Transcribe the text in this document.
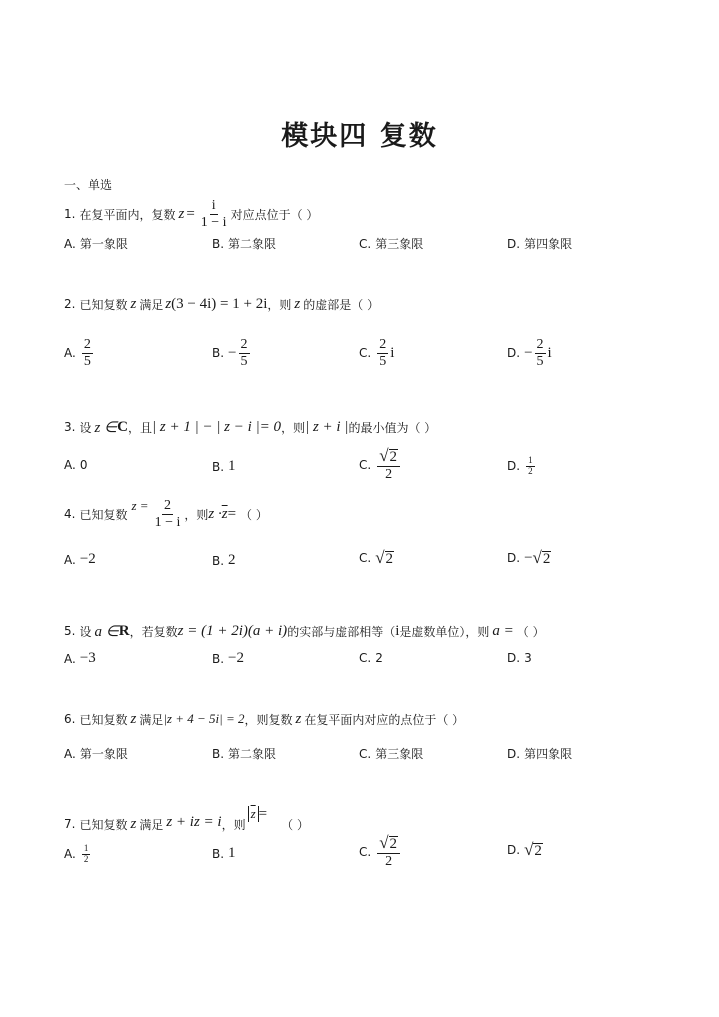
模块四 复数
一、单选
1. 在复平面内，复数 $z = \frac{i}{1 - i}$ 对应点位于（ ）
A. 第一象限	B. 第二象限	C. 第三象限	D. 第四象限
2. 已知复数 z 满足 z (3 − 4i) = 1 + 2i ，则 z 的虚部是（ ）
A. $\frac{2}{5}$	B. − $\frac{2}{5}$	C. $\frac{2}{5}$ i	D. − $\frac{2}{5}$ i
3. 设 z ∈ C ，且 | z + 1 | − | z − i |= 0 ，则 | z + i | 的最小值为（ ）
A. 0	B. 1	C. $\frac{√ 2}{2}$	D. $\frac{1}{2}$
4. 已知复数
$z = \frac{2}{1 - i}$ ，则 $z \cdot \overline{z}$ = （ ）
A. −2	B. 2	C. √ 2	D. − √ 2
5. 设 a ∈ R ，若复数 z = (1 + 2i)(a + i) 的实部与虚部相等（ i 是虚数单位），则 a = （ ）
A. −3	B. −2	C. 2	D. 3
6. 已知复数 z 满足 |z + 4 − 5i| = 2 ，则复数 z 在复平面内对应的点位于（ ）
A. 第一象限	B. 第二象限	C. 第三象限	D. 第四象限
7. 已知复数 z 满足 z + iz = i ，则
$\overline{z}$ =
（ ）
A. $\frac{1}{2}$	B. 1	C. $\frac{√ 2}{2}$	D. √ 2
